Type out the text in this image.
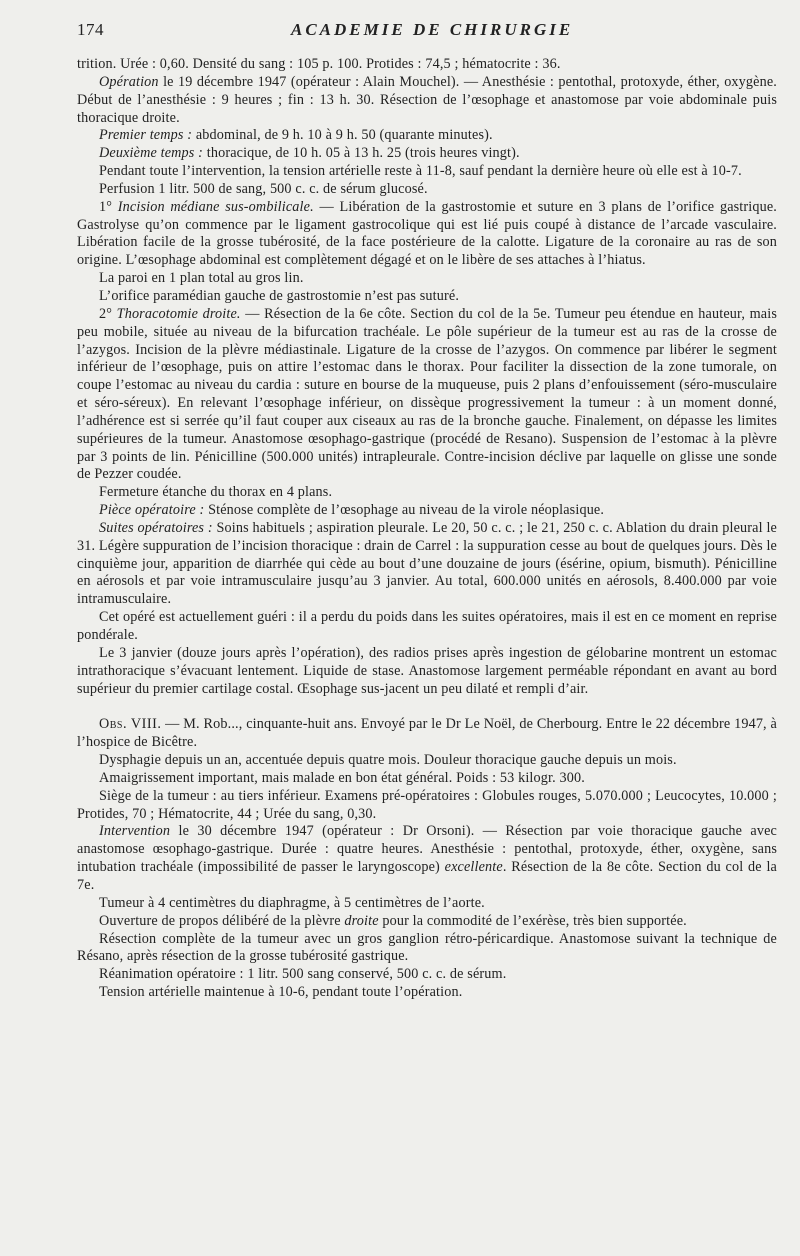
174	ACADEMIE DE CHIRURGIE

trition. Urée : 0,60. Densité du sang : 105 p. 100. Protides : 74,5 ; hématocrite : 36.

Opération le 19 décembre 1947 (opérateur : Alain Mouchel). — Anesthésie : pentothal, protoxyde, éther, oxygène. Début de l’anesthésie : 9 heures ; fin : 13 h. 30. Résection de l’œsophage et anastomose par voie abdominale puis thoracique droite.

Premier temps : abdominal, de 9 h. 10 à 9 h. 50 (quarante minutes).

Deuxième temps : thoracique, de 10 h. 05 à 13 h. 25 (trois heures vingt).

Pendant toute l’intervention, la tension artérielle reste à 11-8, sauf pendant la dernière heure où elle est à 10-7.

Perfusion 1 litr. 500 de sang, 500 c. c. de sérum glucosé.

1° Incision médiane sus-ombilicale. — Libération de la gastrostomie et suture en 3 plans de l’orifice gastrique. Gastrolyse qu’on commence par le ligament gastrocolique qui est lié puis coupé à distance de l’arcade vasculaire. Libération facile de la grosse tubérosité, de la face postérieure de la calotte. Ligature de la coronaire au ras de son origine. L’œsophage abdominal est complètement dégagé et on le libère de ses attaches à l’hiatus.

La paroi en 1 plan total au gros lin.

L’orifice paramédian gauche de gastrostomie n’est pas suturé.

2° Thoracotomie droite. — Résection de la 6e côte. Section du col de la 5e. Tumeur peu étendue en hauteur, mais peu mobile, située au niveau de la bifurcation trachéale. Le pôle supérieur de la tumeur est au ras de la crosse de l’azygos. Incision de la plèvre médiastinale. Ligature de la crosse de l’azygos. On commence par libérer le segment inférieur de l’œsophage, puis on attire l’estomac dans le thorax. Pour faciliter la dissection de la zone tumorale, on coupe l’estomac au niveau du cardia : suture en bourse de la muqueuse, puis 2 plans d’enfouissement (séro-musculaire et séro-séreux). En relevant l’œsophage inférieur, on dissèque progressivement la tumeur : à un moment donné, l’adhérence est si serrée qu’il faut couper aux ciseaux au ras de la bronche gauche. Finalement, on dépasse les limites supérieures de la tumeur. Anastomose œsophago-gastrique (procédé de Resano). Suspension de l’estomac à la plèvre par 3 points de lin. Pénicilline (500.000 unités) intrapleurale. Contre-incision déclive par laquelle on glisse une sonde de Pezzer coudée.

Fermeture étanche du thorax en 4 plans.

Pièce opératoire : Sténose complète de l’œsophage au niveau de la virole néoplasique.

Suites opératoires : Soins habituels ; aspiration pleurale. Le 20, 50 c. c. ; le 21, 250 c. c. Ablation du drain pleural le 31. Légère suppuration de l’incision thoracique : drain de Carrel : la suppuration cesse au bout de quelques jours. Dès le cinquième jour, apparition de diarrhée qui cède au bout d’une douzaine de jours (ésérine, opium, bismuth). Pénicilline en aérosols et par voie intramusculaire jusqu’au 3 janvier. Au total, 600.000 unités en aérosols, 8.400.000 par voie intramusculaire.

Cet opéré est actuellement guéri : il a perdu du poids dans les suites opératoires, mais il est en ce moment en reprise pondérale.

Le 3 janvier (douze jours après l’opération), des radios prises après ingestion de gélobarine montrent un estomac intrathoracique s’évacuant lentement. Liquide de stase. Anastomose largement perméable répondant en avant au bord supérieur du premier cartilage costal. Œsophage sus-jacent un peu dilaté et rempli d’air.

Obs. VIII. — M. Rob..., cinquante-huit ans. Envoyé par le Dr Le Noël, de Cherbourg. Entre le 22 décembre 1947, à l’hospice de Bicêtre.

Dysphagie depuis un an, accentuée depuis quatre mois. Douleur thoracique gauche depuis un mois.

Amaigrissement important, mais malade en bon état général. Poids : 53 kilogr. 300.

Siège de la tumeur : au tiers inférieur. Examens pré-opératoires : Globules rouges, 5.070.000 ; Leucocytes, 10.000 ; Protides, 70 ; Hématocrite, 44 ; Urée du sang, 0,30.

Intervention le 30 décembre 1947 (opérateur : Dr Orsoni). — Résection par voie thoracique gauche avec anastomose œsophago-gastrique. Durée : quatre heures. Anesthésie : pentothal, protoxyde, éther, oxygène, sans intubation trachéale (impossibilité de passer le laryngoscope) excellente. Résection de la 8e côte. Section du col de la 7e.

Tumeur à 4 centimètres du diaphragme, à 5 centimètres de l’aorte.

Ouverture de propos délibéré de la plèvre droite pour la commodité de l’exérèse, très bien supportée.

Résection complète de la tumeur avec un gros ganglion rétro-péricardique. Anastomose suivant la technique de Résano, après résection de la grosse tubérosité gastrique.

Réanimation opératoire : 1 litr. 500 sang conservé, 500 c. c. de sérum.

Tension artérielle maintenue à 10-6, pendant toute l’opération.
